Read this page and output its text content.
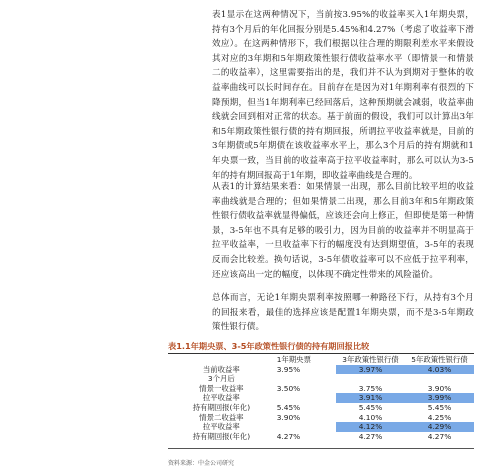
表1显示在这两种情况下，当前按3.95%的收益率买入1年期央票，持有3个月后的年化回报分别是5.45%和4.27%（考虑了收益率下滑效应）。在这两种情形下，我们根据以往合理的期限利差水平来假设其对应的3年期和5年期政策性银行债收益率水平（即情景一和情景二的收益率），这里需要指出的是，我们并不认为到期对于整体的收益率曲线可以长时间存在。目前存在是因为对1年期利率有很烈的下降预期，但当1年期利率已经回落后，这种预期就会减弱，收益率曲线就会回到相对正常的状态。基于前面的假设，我们可以计算出3年和5年期政策性银行债的持有期回报，所谓拉平收益率就是，目前的3年期债或5年期债在该收益率水平上，那么3个月后的持有期就和1年央票一致，当目前的收益率高于拉平收益率时，那么可以认为3-5年的持有期回报高于1年期，即收益率曲线是合理的。
从表1的计算结果来看：如果情景一出现，那么目前比较平坦的收益率曲线就是合理的；但如果情景二出现，那么目前3年和5年期政策性银行债收益率就显得偏低，应该还会向上修正，但即使是第一种情景，3-5年也不具有足够的吸引力，因为目前的收益率并不明显高于拉平收益率，一旦收益率下行的幅度没有达到期望值，3-5年的表现反而会比较差。换句话说，3-5年债收益率可以不应低于拉平利率，还应该高出一定的幅度，以体现不确定性带来的风险溢价。
总体而言，无论1年期央票利率按照哪一种路径下行，从持有3个月的回报来看，最佳的选择应该是配置1年期央票，而不是3-5年期政策性银行债。
表1.1年期央票、3-5年政策性银行债的持有期回报比较
	1年期央票	3年政策性银行债	5年政策性银行债
当前收益率	3.95%	3.97%	4.03%
3个月后			
情景一收益率	3.50%	3.75%	3.90%
拉平收益率		3.91%	3.99%
持有期回报(年化)	5.45%	5.45%	5.45%
情景二收益率	3.90%	4.10%	4.25%
拉平收益率		4.12%	4.29%
持有期回报(年化)	4.27%	4.27%	4.27%
资料来源：中金公司研究
